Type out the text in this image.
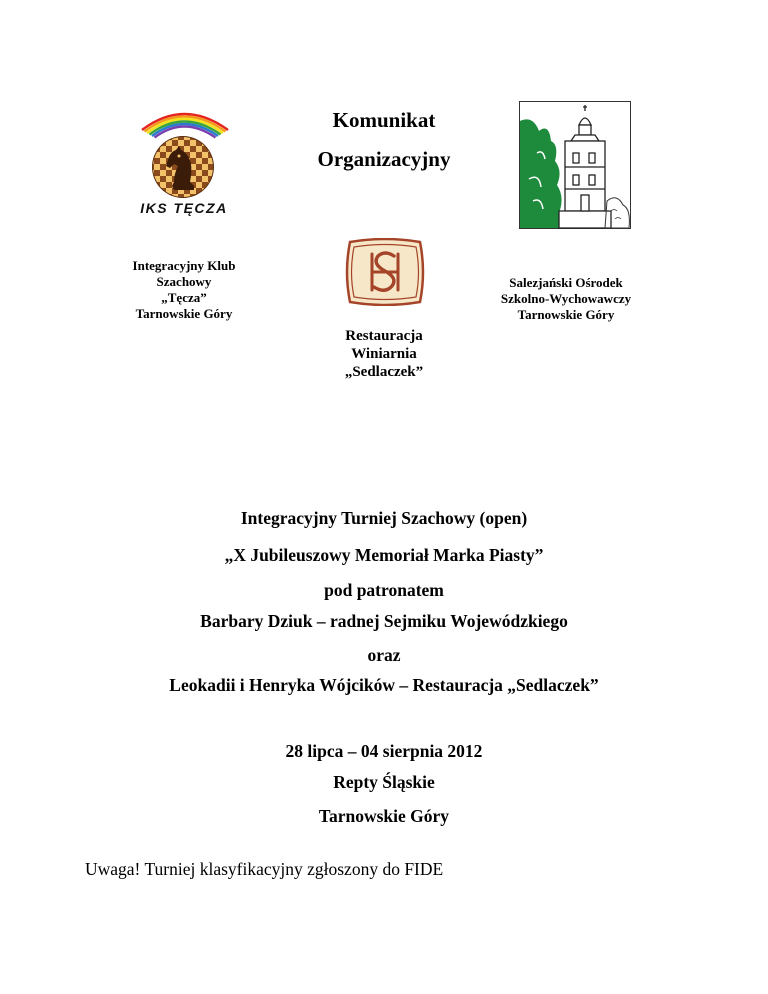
Komunikat
Organizacyjny
IKS TĘCZA
Integracyjny Klub
Szachowy
„Tęcza”
Tarnowskie Góry
Salezjański Ośrodek
Szkolno-Wychowawczy
Tarnowskie Góry
Restauracja
Winiarnia
„Sedlaczek”
Integracyjny Turniej Szachowy (open)
„X Jubileuszowy Memoriał Marka Piasty”
pod patronatem
Barbary Dziuk – radnej Sejmiku Wojewódzkiego
oraz
Leokadii i Henryka Wójcików – Restauracja „Sedlaczek”
28 lipca – 04 sierpnia 2012
Repty Śląskie
Tarnowskie Góry
Uwaga! Turniej klasyfikacyjny zgłoszony do FIDE
